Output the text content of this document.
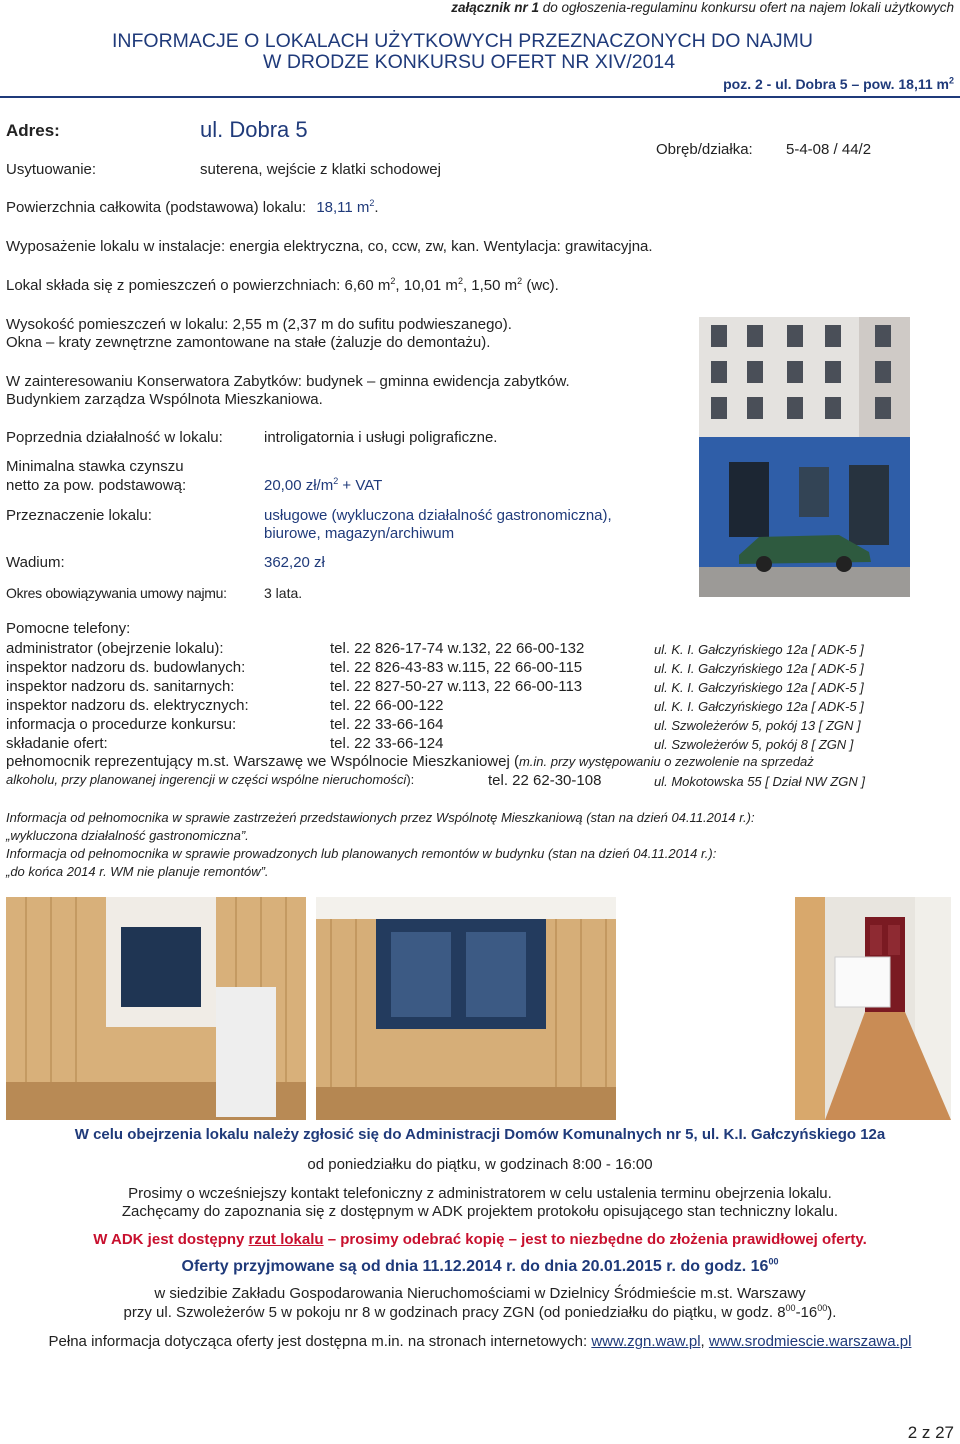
załącznik nr 1 do ogłoszenia-regulaminu konkursu ofert na najem lokali użytkowych
INFORMACJE O LOKALACH UŻYTKOWYCH PRZEZNACZONYCH DO NAJMU
W DRODZE KONKURSU OFERT NR XIV/2014
poz. 2 - ul. Dobra 5 – pow. 18,11 $m^2$
Adres:	ul. Dobra 5
Usytuowanie:	suterena, wejście z klatki schodowej
Obręb/działka: 5-4-08 / 44/2
Powierzchnia całkowita (podstawowa) lokalu: 18,11 $m^2$.
Wyposażenie lokalu w instalacje: energia elektryczna, co, ccw, zw, kan. Wentylacja: grawitacyjna.
Lokal składa się z pomieszczeń o powierzchniach: 6,60 $m^2$, 10,01 $m^2$, 1,50 $m^2$ (wc).
Wysokość pomieszczeń w lokalu: 2,55 m (2,37 m do sufitu podwieszanego).
Okna – kraty zewnętrzne zamontowane na stałe (żaluzje do demontażu).
W zainteresowaniu Konserwatora Zabytków: budynek – gminna ewidencja zabytków.
Budynkiem zarządza Wspólnota Mieszkaniowa.
Poprzednia działalność w lokalu:	introligatornia i usługi poligraficzne.
Minimalna stawka czynszu
netto za pow. podstawową:	20,00 $zł/m^2$ + VAT
Przeznaczenie lokalu:	usługowe (wykluczona działalność gastronomiczna),
biurowe, magazyn/archiwum
Wadium:	362,20 zł
Okres obowiązywania umowy najmu:	3 lata.
Pomocne telefony:
administrator (obejrzenie lokalu):	tel. 22 826-17-74 w.132, 22 66-00-132	ul. K. I. Gałczyńskiego 12a [ ADK-5 ]
inspektor nadzoru ds. budowlanych:	tel. 22 826-43-83 w.115, 22 66-00-115	ul. K. I. Gałczyńskiego 12a [ ADK-5 ]
inspektor nadzoru ds. sanitarnych:	tel. 22 827-50-27 w.113, 22 66-00-113	ul. K. I. Gałczyńskiego 12a [ ADK-5 ]
inspektor nadzoru ds. elektrycznych:	tel. 22 66-00-122	ul. K. I. Gałczyńskiego 12a [ ADK-5 ]
informacja o procedurze konkursu:	tel. 22 33-66-164	ul. Szwoleżerów 5, pokój 13 [ ZGN ]
składanie ofert:	tel. 22 33-66-124	ul. Szwoleżerów 5, pokój 8 [ ZGN ]
pełnomocnik reprezentujący m.st. Warszawę we Wspólnocie Mieszkaniowej (m.in. przy występowaniu o zezwolenie na sprzedaż
alkoholu, przy planowanej ingerencji w części wspólne nieruchomości):	tel. 22 62-30-108	ul. Mokotowska 55 [ Dział NW ZGN ]
Informacja od pełnomocnika w sprawie zastrzeżeń przedstawionych przez Wspólnotę Mieszkaniową (stan na dzień 04.11.2014 r.):
„wykluczona działalność gastronomiczna”.
Informacja od pełnomocnika w sprawie prowadzonych lub planowanych remontów w budynku (stan na dzień 04.11.2014 r.):
„do końca 2014 r. WM nie planuje remontów”.
W celu obejrzenia lokalu należy zgłosić się do Administracji Domów Komunalnych nr 5, ul. K.I. Gałczyńskiego 12a
od poniedziałku do piątku, w godzinach 8:00 - 16:00
Prosimy o wcześniejszy kontakt telefoniczny z administratorem w celu ustalenia terminu obejrzenia lokalu.
Zachęcamy do zapoznania się z dostępnym w ADK projektem protokołu opisującego stan techniczny lokalu.
W ADK jest dostępny rzut lokalu – prosimy odebrać kopię – jest to niezbędne do złożenia prawidłowej oferty.
Oferty przyjmowane są od dnia 11.12.2014 r. do dnia 20.01.2015 r. do godz. $16^{00}$
w siedzibie Zakładu Gospodarowania Nieruchomościami w Dzielnicy Śródmieście m.st. Warszawy
przy ul. Szwoleżerów 5 w pokoju nr 8 w godzinach pracy ZGN (od poniedziałku do piątku, w godz. $8^{00}-16^{00}$).
Pełna informacja dotycząca oferty jest dostępna m.in. na stronach internetowych: www.zgn.waw.pl, www.srodmiescie.warszawa.pl
2 z 27
